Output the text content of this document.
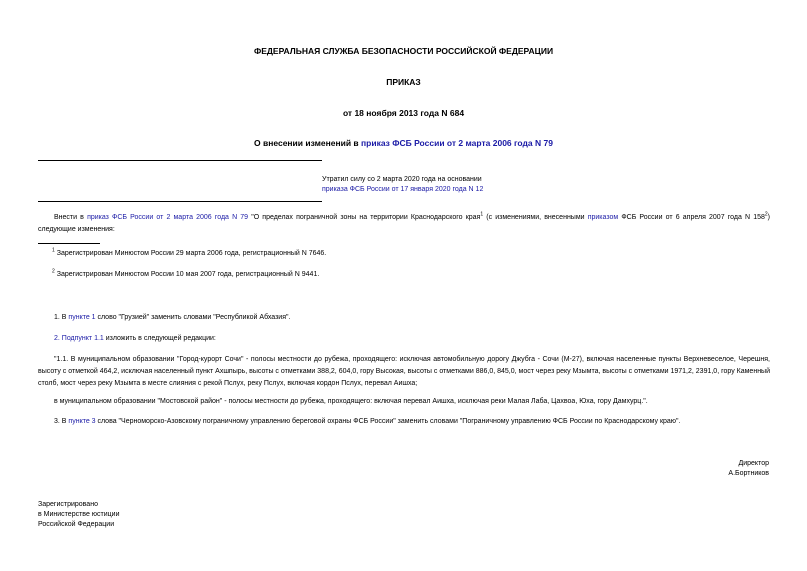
ФЕДЕРАЛЬНАЯ СЛУЖБА БЕЗОПАСНОСТИ РОССИЙСКОЙ ФЕДЕРАЦИИ
ПРИКАЗ
от 18 ноября 2013 года N 684
О внесении изменений в приказ ФСБ России от 2 марта 2006 года N 79
Утратил силу со 2 марта 2020 года на основании
приказа ФСБ России от 17 января 2020 года N 12
Внести в приказ ФСБ России от 2 марта 2006 года N 79 "О пределах пограничной зоны на территории Краснодарского края$^1$ (с изменениями, внесенными приказом ФСБ России от 6 апреля 2007 года N $158^2$) следующие изменения:
$^1$ Зарегистрирован Минюстом России 29 марта 2006 года, регистрационный N 7646.
$^2$ Зарегистрирован Минюстом России 10 мая 2007 года, регистрационный N 9441.
1. В пункте 1 слово "Грузией" заменить словами "Республикой Абхазия".
2. Подпункт 1.1 изложить в следующей редакции:
"1.1. В муниципальном образовании "Город-курорт Сочи" - полосы местности до рубежа, проходящего: исключая автомобильную дорогу Джубга - Сочи (М-27), включая населенные пункты Верхневеселое, Черешня, высоту с отметкой 464,2, исключая населенный пункт Ахшпырь, высоты с отметками 388,2, 604,0, гору Высокая, высоты с отметками 886,0, 845,0, мост через реку Мзымта, высоты с отметками 1971,2, 2391,0, гору Каменный столб, мост через реку Мзымта в месте слияния с рекой Пслух, реку Пслух, включая кордон Пслух, перевал Аишха;
в муниципальном образовании "Мостовской район" - полосы местности до рубежа, проходящего: включая перевал Аишха, исключая реки Малая Лаба, Цахвоа, Юха, гору Дамхурц.".
3. В пункте 3 слова "Черноморско-Азовскому пограничному управлению береговой охраны ФСБ России" заменить словами "Пограничному управлению ФСБ России по Краснодарскому краю".
Директор
А.Бортников
Зарегистрировано
в Министерстве юстиции
Российской Федерации
